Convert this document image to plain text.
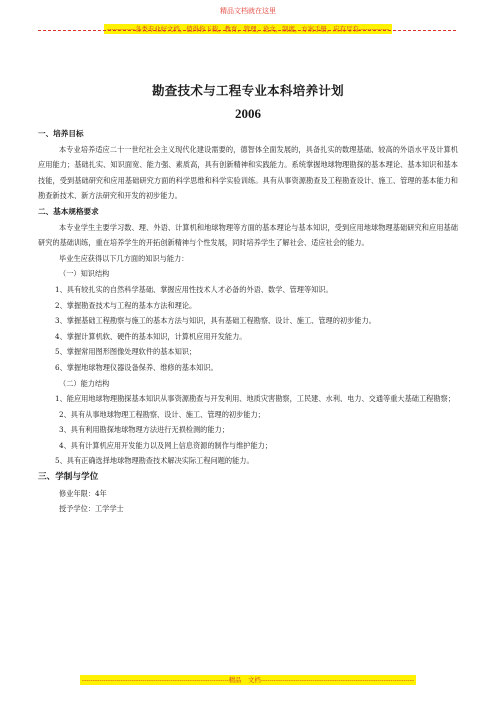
精品文档就在这里
-------------各类专业好文档，值得你下载，教育，管理，论文，制度，方案手册，应有尽有--------------
勘查技术与工程专业本科培养计划
2006

一、培养目标

本专业培养适应二十一世纪社会主义现代化建设需要的，德智体全面发展的，具备扎实的数理基础、较高的外语水平及计算机应用能力；基础扎实、知识面宽、能力强、素质高，具有创新精神和实践能力。系统掌握地球物理勘探的基本理论、基本知识和基本技能，受到基础研究和应用基础研究方面的科学思维和科学实验训练。具有从事资源勘查及工程勘查设计、施工、管理的基本能力和勘查新技术、新方法研究和开发的初步能力。

二、基本规格要求

本专业学生主要学习数、理、外语、计算机和地球物理等方面的基本理论与基本知识，受到应用地球物理基础研究和应用基础研究的基础训练，重在培养学生的开拓创新精神与个性发展，同时培养学生了解社会、适应社会的能力。

毕业生应获得以下几方面的知识与能力：

（一）知识结构

1、具有较扎实的自然科学基础、掌握应用性技术人才必备的外语、数学、管理等知识。

2、掌握勘查技术与工程的基本方法和理论。

3、掌握基础工程勘察与施工的基本方法与知识，具有基础工程勘察、设计、施工、管理的初步能力。

4、掌握计算机软、硬件的基本知识，计算机应用开发能力。

5、掌握常用图形图像处理软件的基本知识；

6、掌握地球物理仪器设备保养、维修的基本知识。

（二）能力结构

1、能应用地球物理勘探基本知识从事资源勘查与开发利用、地质灾害勘察，工民建、水利、电力、交通等重大基础工程勘察；

2、具有从事地球物理工程勘察、设计、施工、管理的初步能力；

3、具有利用勘探地球物理方法进行无损检测的能力；

4、具有计算机应用开发能力以及网上信息资源的制作与维护能力；

5、具有正确选择地球物理勘查技术解决实际工程问题的能力。

三、学制与学位

修业年限：4年

授予学位：工学学士

--------------------------------------------------------------------精品　文档-----------------------------------------------------------------------
